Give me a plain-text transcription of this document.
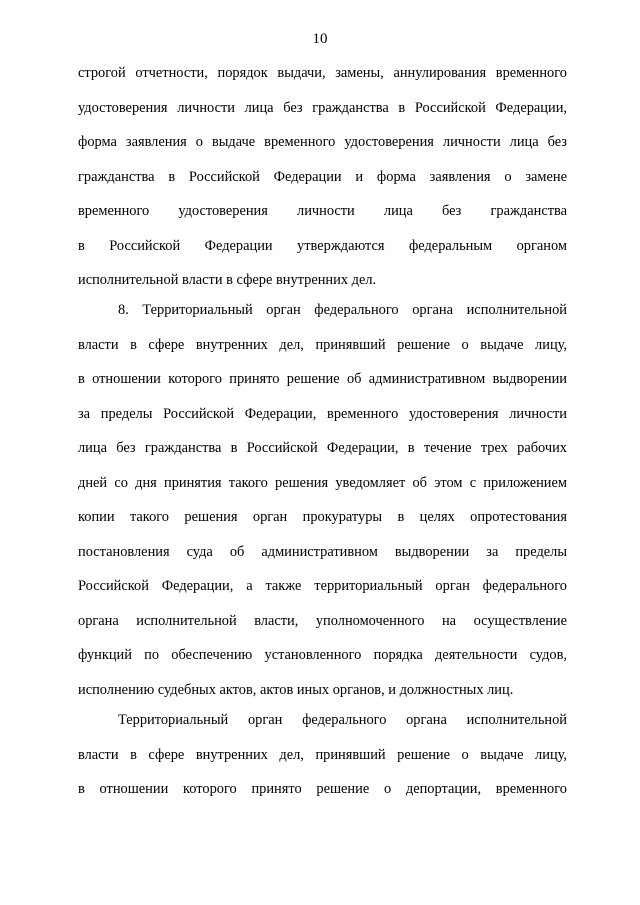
10
строгой отчетности, порядок выдачи, замены, аннулирования временного
удостоверения личности лица без гражданства в Российской Федерации,
форма заявления о выдаче временного удостоверения личности лица без
гражданства в Российской Федерации и форма заявления о замене
временного удостоверения личности лица без гражданства
в Российской Федерации утверждаются федеральным органом
исполнительной власти в сфере внутренних дел.
8. Территориальный орган федерального органа исполнительной
власти в сфере внутренних дел, принявший решение о выдаче лицу,
в отношении которого принято решение об административном выдворении
за пределы Российской Федерации, временного удостоверения личности
лица без гражданства в Российской Федерации, в течение трех рабочих
дней со дня принятия такого решения уведомляет об этом с приложением
копии такого решения орган прокуратуры в целях опротестования
постановления суда об административном выдворении за пределы
Российской Федерации, а также территориальный орган федерального
органа исполнительной власти, уполномоченного на осуществление
функций по обеспечению установленного порядка деятельности судов,
исполнению судебных актов, актов иных органов, и должностных лиц.
Территориальный орган федерального органа исполнительной
власти в сфере внутренних дел, принявший решение о выдаче лицу,
в отношении которого принято решение о депортации, временного
